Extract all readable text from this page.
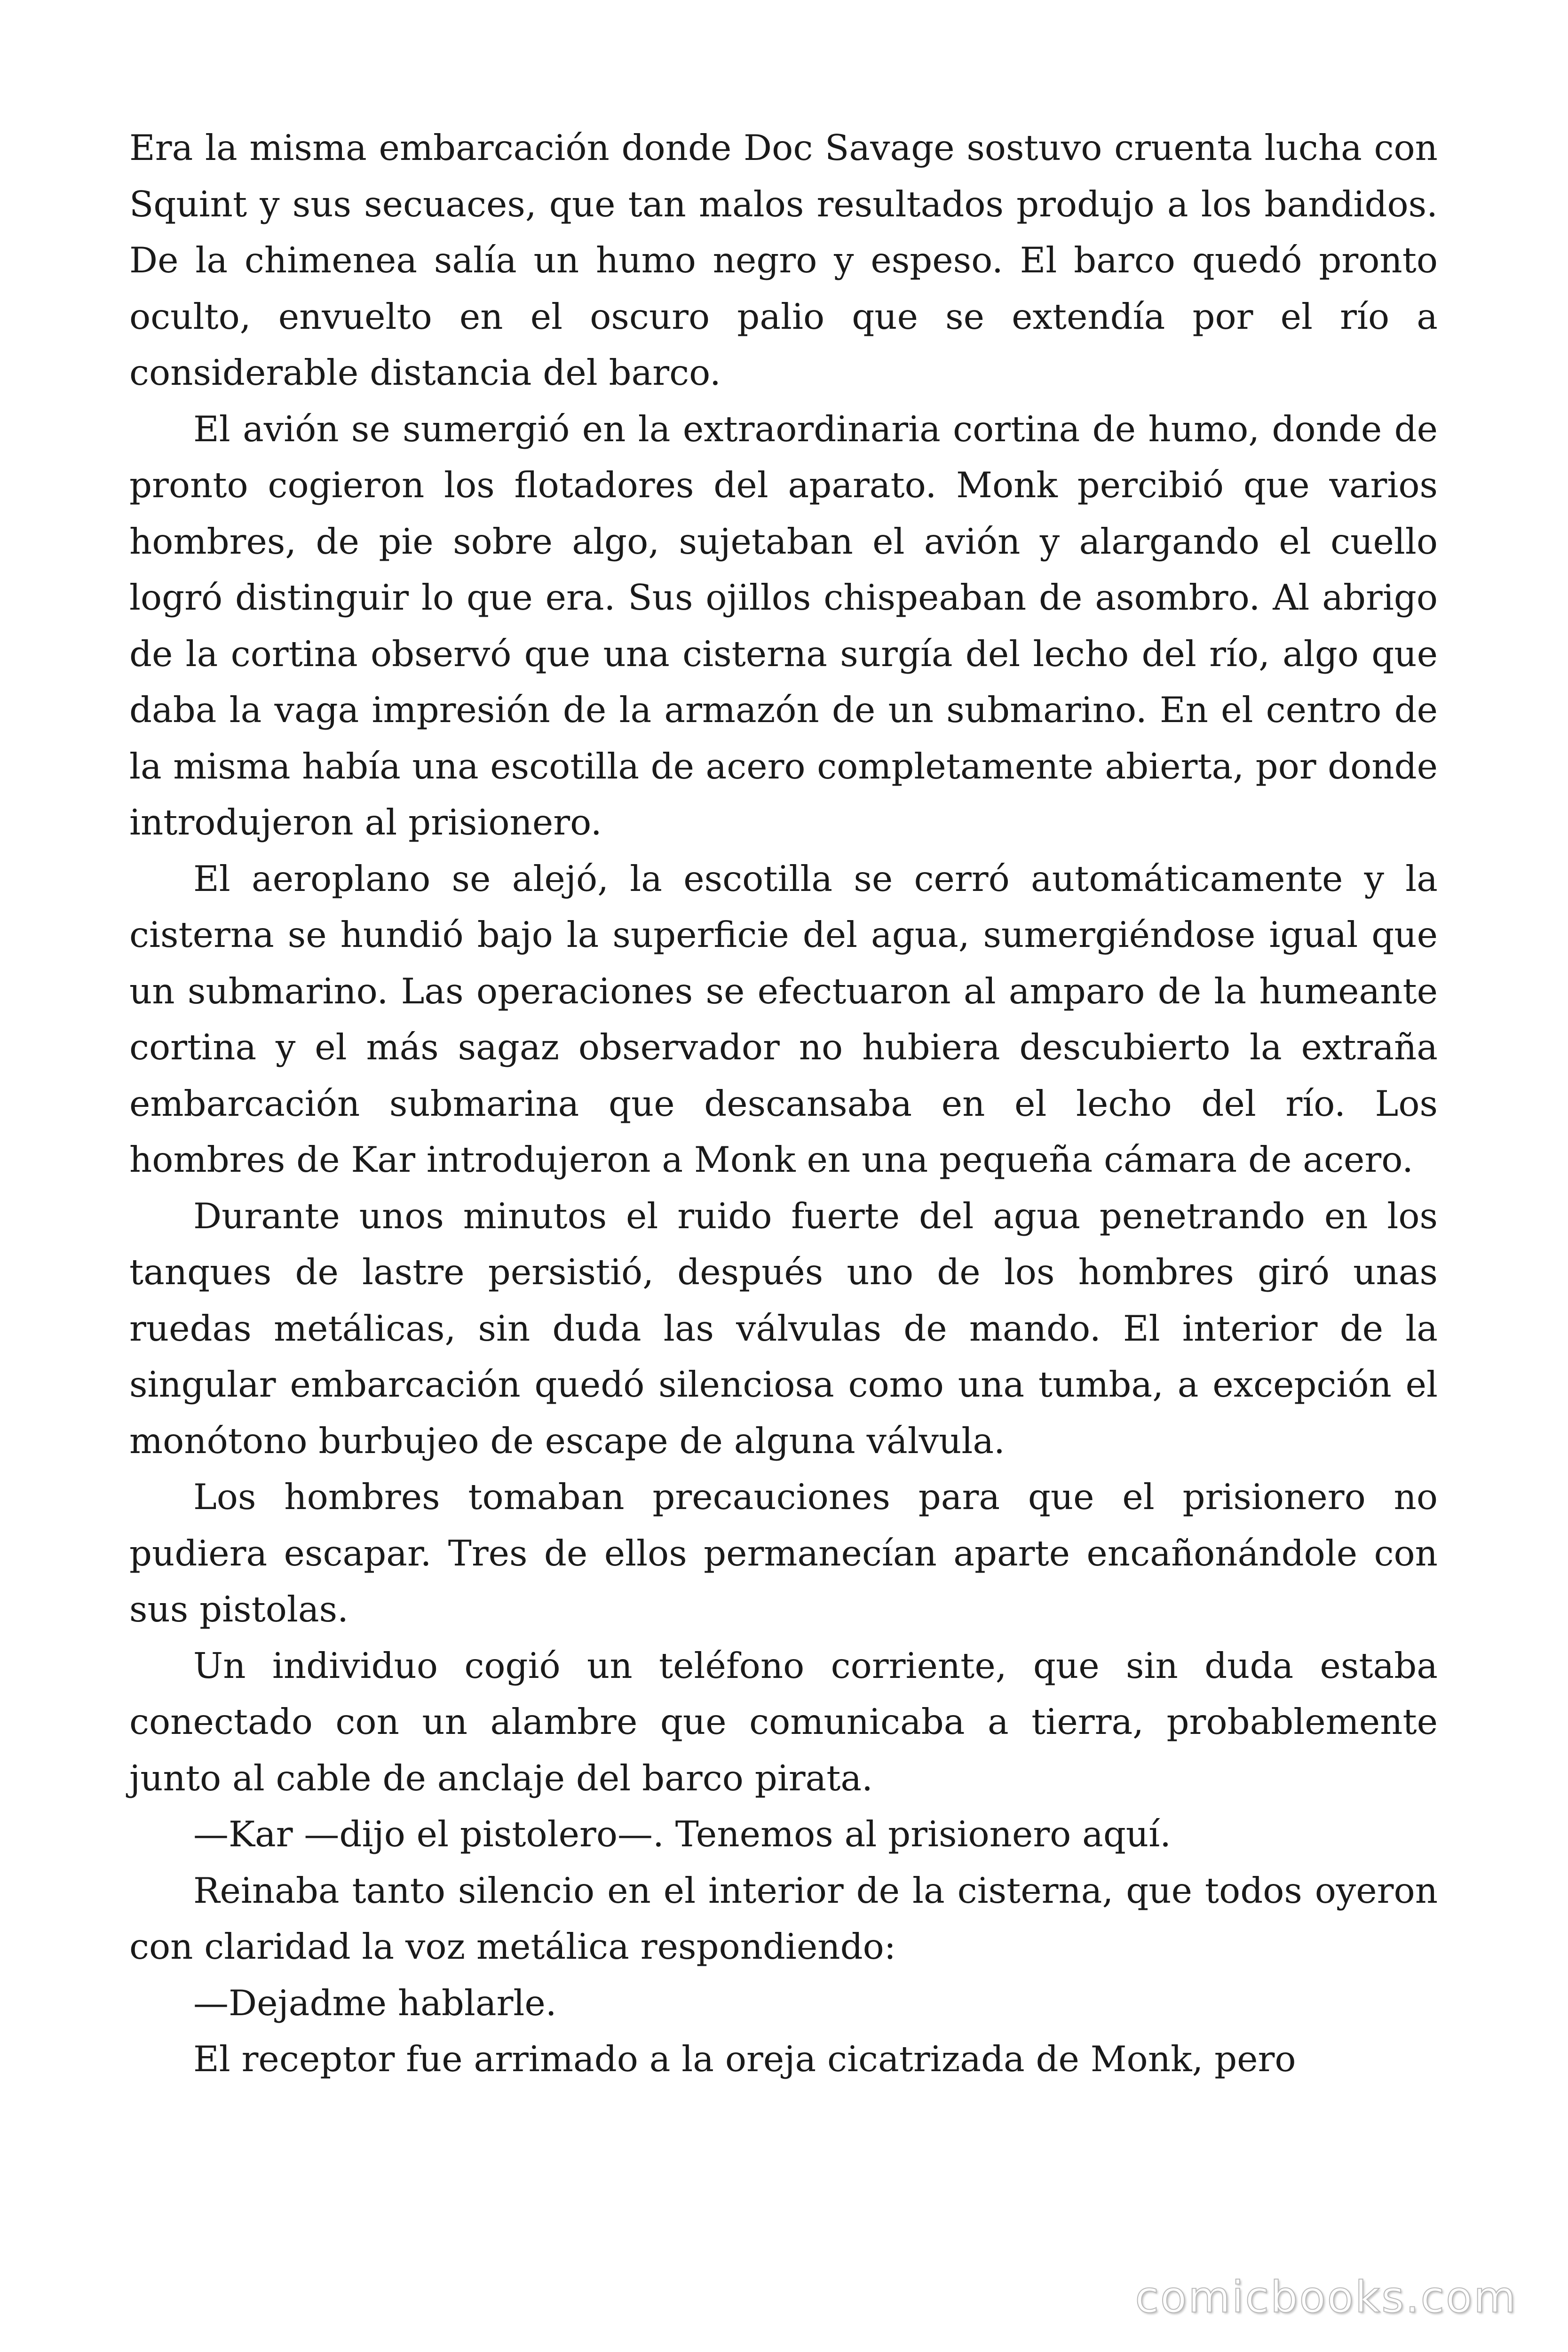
Era la misma embarcación donde Doc Savage sostuvo cruenta lucha con Squint y sus secuaces, que tan malos resultados produjo a los bandidos. De la chimenea salía un humo negro y espeso. El barco quedó pronto oculto, envuelto en el oscuro palio que se extendía por el río a considerable distancia del barco.

El avión se sumergió en la extraordinaria cortina de humo, donde de pronto cogieron los flotadores del aparato. Monk percibió que varios hombres, de pie sobre algo, sujetaban el avión y alargando el cuello logró distinguir lo que era. Sus ojillos chispeaban de asombro. Al abrigo de la cortina observó que una cisterna surgía del lecho del río, algo que daba la vaga impresión de la armazón de un submarino. En el centro de la misma había una escotilla de acero completamente abierta, por donde introdujeron al prisionero.

El aeroplano se alejó, la escotilla se cerró automáticamente y la cisterna se hundió bajo la superficie del agua, sumergiéndose igual que un submarino. Las operaciones se efectuaron al amparo de la humeante cortina y el más sagaz observador no hubiera descubierto la extraña embarcación submarina que descansaba en el lecho del río. Los hombres de Kar introdujeron a Monk en una pequeña cámara de acero.

Durante unos minutos el ruido fuerte del agua penetrando en los tanques de lastre persistió, después uno de los hombres giró unas ruedas metálicas, sin duda las válvulas de mando. El interior de la singular embarcación quedó silenciosa como una tumba, a excepción el monótono burbujeo de escape de alguna válvula.

Los hombres tomaban precauciones para que el prisionero no pudiera escapar. Tres de ellos permanecían aparte encañonándole con sus pistolas.

Un individuo cogió un teléfono corriente, que sin duda estaba conectado con un alambre que comunicaba a tierra, probablemente junto al cable de anclaje del barco pirata.

—Kar —dijo el pistolero—. Tenemos al prisionero aquí.

Reinaba tanto silencio en el interior de la cisterna, que todos oyeron con claridad la voz metálica respondiendo:

—Dejadme hablarle.

El receptor fue arrimado a la oreja cicatrizada de Monk, pero

comicbooks.com
